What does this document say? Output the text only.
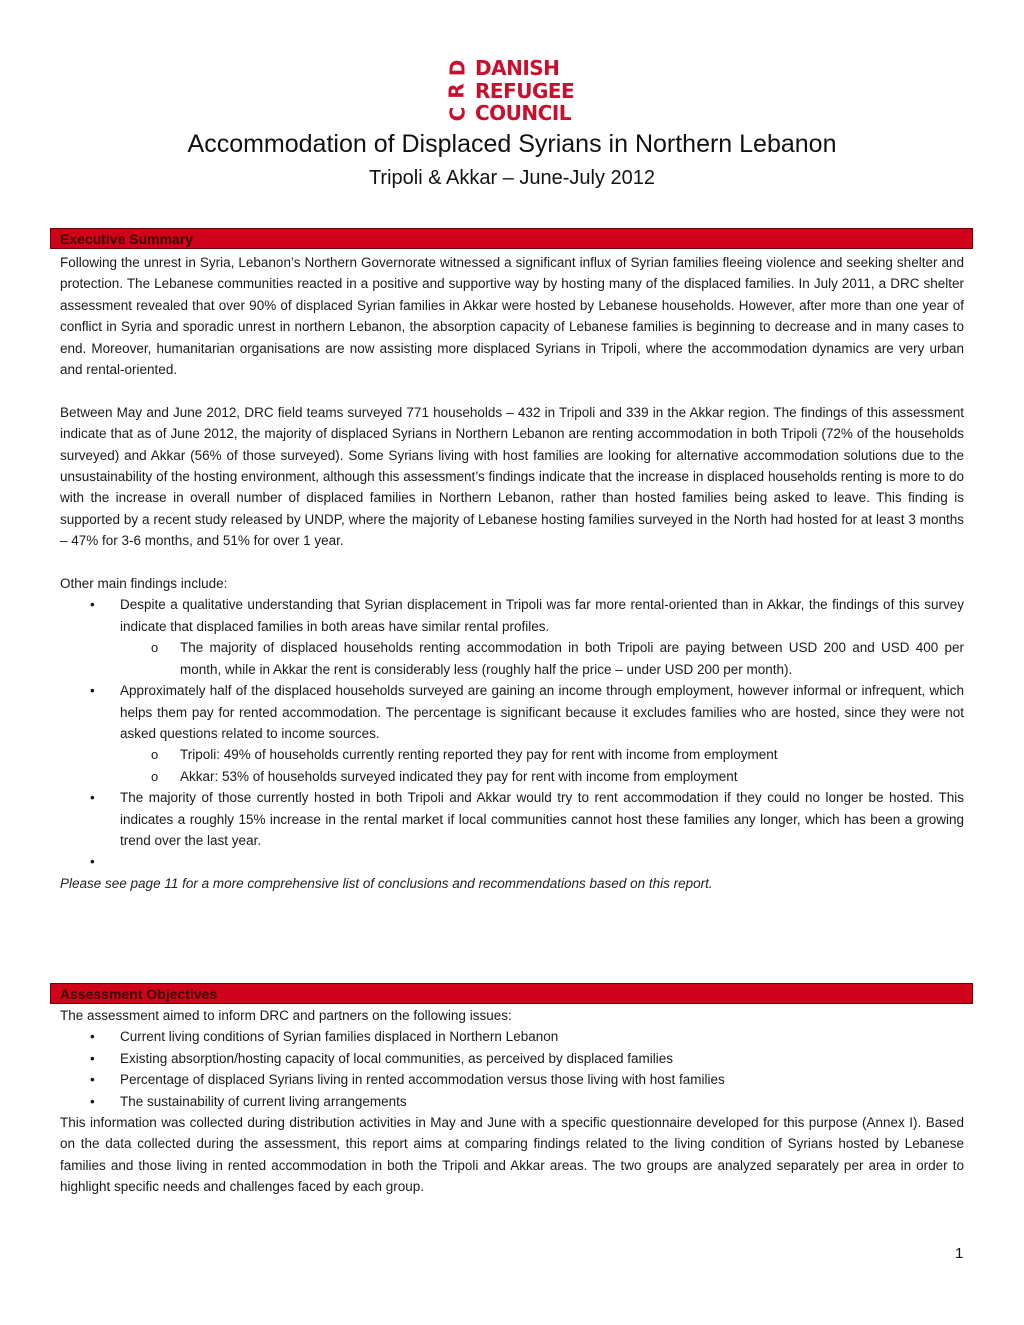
D
R
C
DANISH
REFUGEE
COUNCIL
Accommodation of Displaced Syrians in Northern Lebanon
Tripoli & Akkar – June-July 2012
Executive Summary

Following the unrest in Syria, Lebanon’s Northern Governorate witnessed a significant influx of Syrian families fleeing violence and seeking shelter and protection. The Lebanese communities reacted in a positive and supportive way by hosting many of the displaced families. In July 2011, a DRC shelter assessment revealed that over 90% of displaced Syrian families in Akkar were hosted by Lebanese households. However, after more than one year of conflict in Syria and sporadic unrest in northern Lebanon, the absorption capacity of Lebanese families is beginning to decrease and in many cases to end. Moreover, humanitarian organisations are now assisting more displaced Syrians in Tripoli, where the accommodation dynamics are very urban and rental-oriented.

Between May and June 2012, DRC field teams surveyed 771 households – 432 in Tripoli and 339 in the Akkar region. The findings of this assessment indicate that as of June 2012, the majority of displaced Syrians in Northern Lebanon are renting accommodation in both Tripoli (72% of the households surveyed) and Akkar (56% of those surveyed). Some Syrians living with host families are looking for alternative accommodation solutions due to the unsustainability of the hosting environment, although this assessment’s findings indicate that the increase in displaced households renting is more to do with the increase in overall number of displaced families in Northern Lebanon, rather than hosted families being asked to leave. This finding is supported by a recent study released by UNDP, where the majority of Lebanese hosting families surveyed in the North had hosted for at least 3 months – 47% for 3-6 months, and 51% for over 1 year.

Other main findings include:

• Despite a qualitative understanding that Syrian displacement in Tripoli was far more rental-oriented than in Akkar, the findings of this survey indicate that displaced families in both areas have similar rental profiles.

o The majority of displaced households renting accommodation in both Tripoli are paying between USD 200 and USD 400 per month, while in Akkar the rent is considerably less (roughly half the price – under USD 200 per month).

• Approximately half of the displaced households surveyed are gaining an income through employment, however informal or infrequent, which helps them pay for rented accommodation. The percentage is significant because it excludes families who are hosted, since they were not asked questions related to income sources.

o Tripoli: 49% of households currently renting reported they pay for rent with income from employment

o Akkar: 53% of households surveyed indicated they pay for rent with income from employment

• The majority of those currently hosted in both Tripoli and Akkar would try to rent accommodation if they could no longer be hosted. This indicates a roughly 15% increase in the rental market if local communities cannot host these families any longer, which has been a growing trend over the last year.

•

Please see page 11 for a more comprehensive list of conclusions and recommendations based on this report.

Assessment Objectives

The assessment aimed to inform DRC and partners on the following issues:

• Current living conditions of Syrian families displaced in Northern Lebanon

• Existing absorption/hosting capacity of local communities, as perceived by displaced families

• Percentage of displaced Syrians living in rented accommodation versus those living with host families

• The sustainability of current living arrangements

This information was collected during distribution activities in May and June with a specific questionnaire developed for this purpose (Annex I). Based on the data collected during the assessment, this report aims at comparing findings related to the living condition of Syrians hosted by Lebanese families and those living in rented accommodation in both the Tripoli and Akkar areas. The two groups are analyzed separately per area in order to highlight specific needs and challenges faced by each group.

1
